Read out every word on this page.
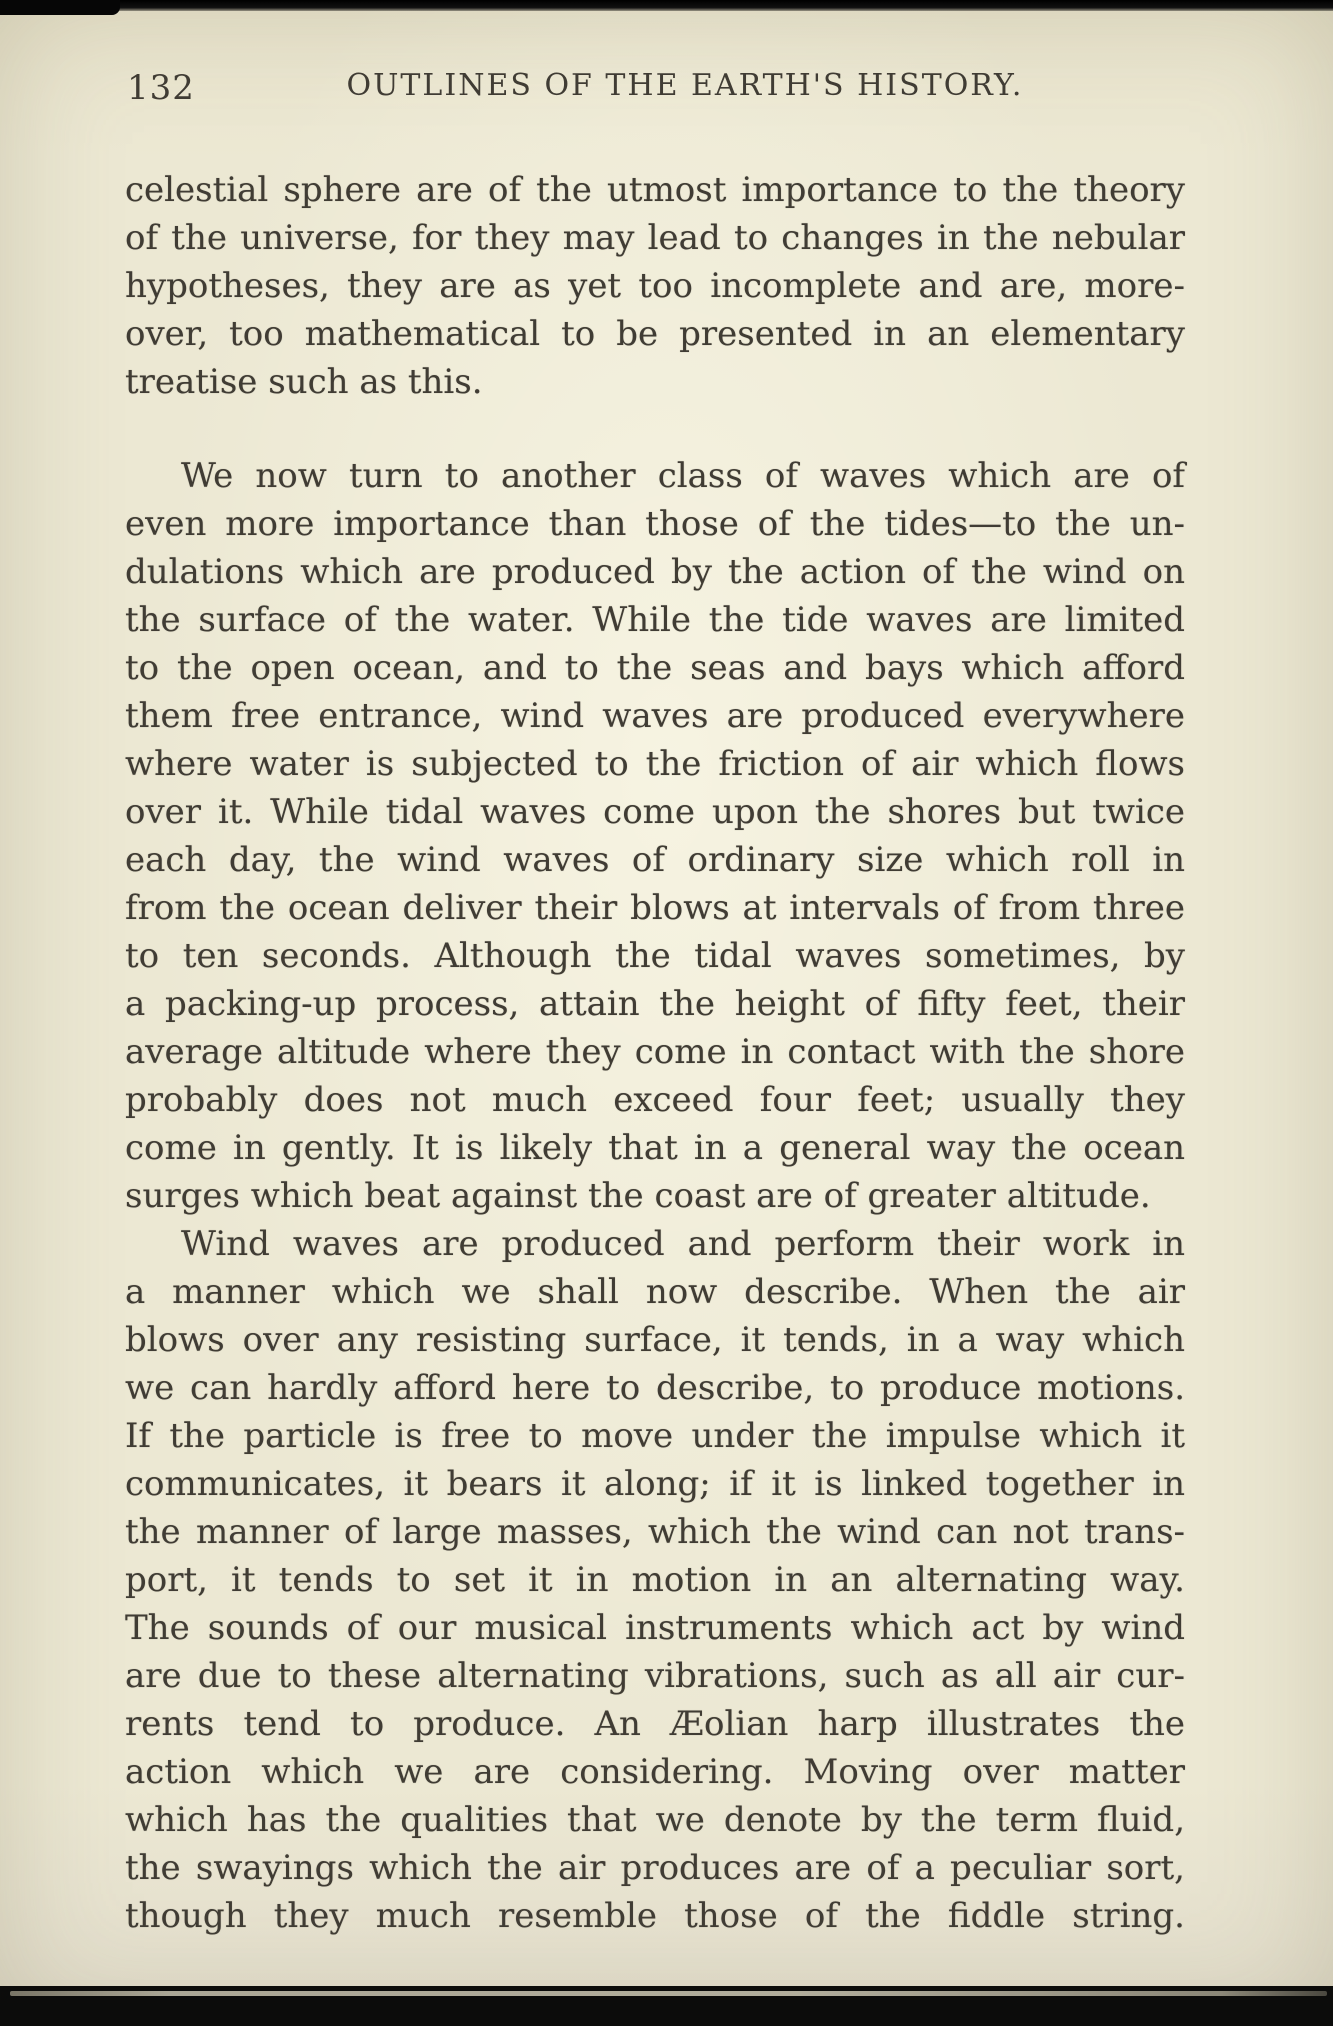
132	OUTLINES OF THE EARTH'S HISTORY.
celestial sphere are of the utmost importance to the theory
of the universe, for they may lead to changes in the nebular
hypotheses, they are as yet too incomplete and are, more-
over, too mathematical to be presented in an elementary
treatise such as this.
We now turn to another class of waves which are of
even more importance than those of the tides—to the un-
dulations which are produced by the action of the wind on
the surface of the water. While the tide waves are limited
to the open ocean, and to the seas and bays which afford
them free entrance, wind waves are produced everywhere
where water is subjected to the friction of air which flows
over it. While tidal waves come upon the shores but twice
each day, the wind waves of ordinary size which roll in
from the ocean deliver their blows at intervals of from three
to ten seconds. Although the tidal waves sometimes, by
a packing-up process, attain the height of fifty feet, their
average altitude where they come in contact with the shore
probably does not much exceed four feet; usually they
come in gently. It is likely that in a general way the ocean
surges which beat against the coast are of greater altitude.
Wind waves are produced and perform their work in
a manner which we shall now describe. When the air
blows over any resisting surface, it tends, in a way which
we can hardly afford here to describe, to produce motions.
If the particle is free to move under the impulse which it
communicates, it bears it along; if it is linked together in
the manner of large masses, which the wind can not trans-
port, it tends to set it in motion in an alternating way.
The sounds of our musical instruments which act by wind
are due to these alternating vibrations, such as all air cur-
rents tend to produce. An Æolian harp illustrates the
action which we are considering. Moving over matter
which has the qualities that we denote by the term fluid,
the swayings which the air produces are of a peculiar sort,
though they much resemble those of the fiddle string.
